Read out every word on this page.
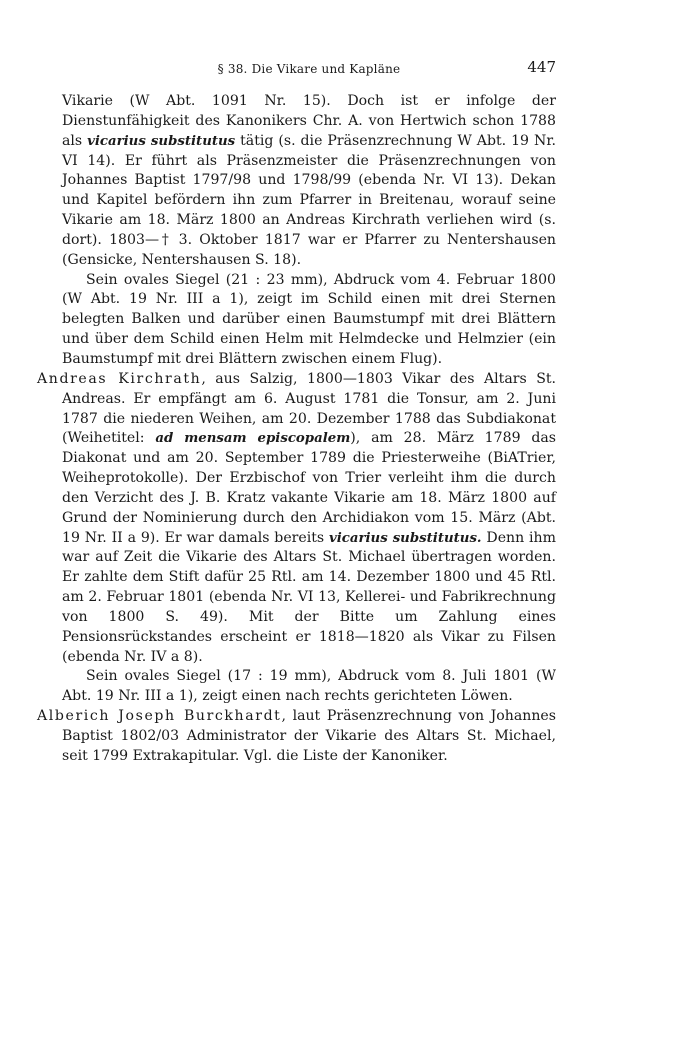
§ 38. Die Vikare und Kapläne	447

Vikarie (W Abt. 1091 Nr. 15). Doch ist er infolge der Dienstunfähigkeit des Kanonikers Chr. A. von Hertwich schon 1788 als vicarius substitutus tätig (s. die Präsenzrechnung W Abt. 19 Nr. VI 14). Er führt als Präsenzmeister die Präsenzrechnungen von Johannes Baptist 1797/98 und 1798/99 (ebenda Nr. VI 13). Dekan und Kapitel befördern ihn zum Pfarrer in Breitenau, worauf seine Vikarie am 18. März 1800 an Andreas Kirchrath verliehen wird (s. dort). 1803—† 3. Oktober 1817 war er Pfarrer zu Nentershausen (Gensicke, Nentershausen S. 18).

Sein ovales Siegel (21 : 23 mm), Abdruck vom 4. Februar 1800 (W Abt. 19 Nr. III a 1), zeigt im Schild einen mit drei Sternen belegten Balken und darüber einen Baumstumpf mit drei Blättern und über dem Schild einen Helm mit Helmdecke und Helmzier (ein Baumstumpf mit drei Blättern zwischen einem Flug).

Andreas Kirchrath, aus Salzig, 1800—1803 Vikar des Altars St. Andreas. Er empfängt am 6. August 1781 die Tonsur, am 2. Juni 1787 die niederen Weihen, am 20. Dezember 1788 das Subdiakonat (Weihetitel: ad mensam episcopalem), am 28. März 1789 das Diakonat und am 20. September 1789 die Priesterweihe (BiATrier, Weiheprotokolle). Der Erzbischof von Trier verleiht ihm die durch den Verzicht des J. B. Kratz vakante Vikarie am 18. März 1800 auf Grund der Nominierung durch den Archidiakon vom 15. März (Abt. 19 Nr. II a 9). Er war damals bereits vicarius substitutus. Denn ihm war auf Zeit die Vikarie des Altars St. Michael übertragen worden. Er zahlte dem Stift dafür 25 Rtl. am 14. Dezember 1800 und 45 Rtl. am 2. Februar 1801 (ebenda Nr. VI 13, Kellerei- und Fabrikrechnung von 1800 S. 49). Mit der Bitte um Zahlung eines Pensionsrückstandes erscheint er 1818—1820 als Vikar zu Filsen (ebenda Nr. IV a 8).

Sein ovales Siegel (17 : 19 mm), Abdruck vom 8. Juli 1801 (W Abt. 19 Nr. III a 1), zeigt einen nach rechts gerichteten Löwen.

Alberich Joseph Burckhardt, laut Präsenzrechnung von Johannes Baptist 1802/03 Administrator der Vikarie des Altars St. Michael, seit 1799 Extrakapitular. Vgl. die Liste der Kanoniker.
